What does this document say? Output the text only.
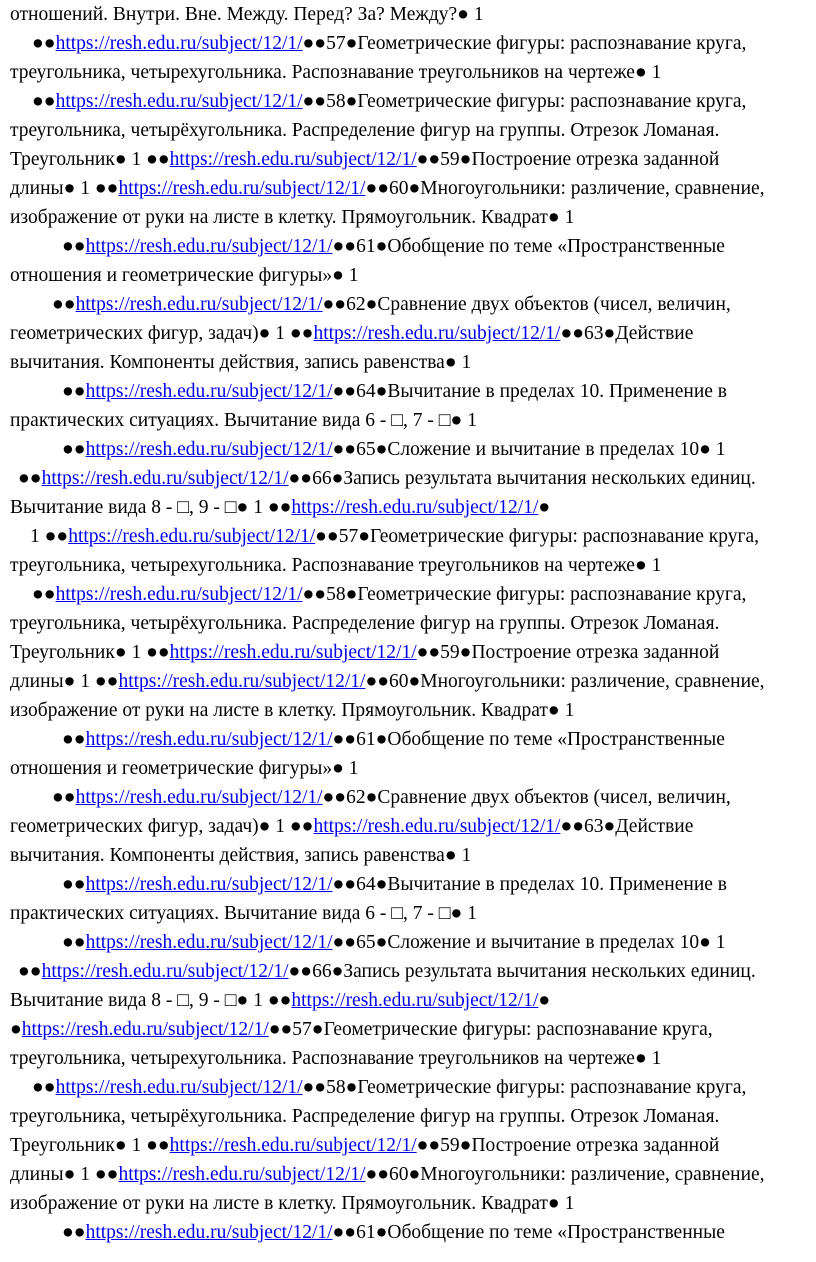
отношений. Внутри. Вне. Между. Перед? За? Между?● 1
●●https://resh.edu.ru/subject/12/1/●●57●Геометрические фигуры: распознавание круга,
треугольника, четырехугольника. Распознавание треугольников на чертеже● 1
●●https://resh.edu.ru/subject/12/1/●●58●Геометрические фигуры: распознавание круга,
треугольника, четырёхугольника. Распределение фигур на группы. Отрезок Ломаная.
Треугольник● 1 ●●https://resh.edu.ru/subject/12/1/●●59●Построение отрезка заданной
длины● 1 ●●https://resh.edu.ru/subject/12/1/●●60●Многоугольники: различение, сравнение,
изображение от руки на листе в клетку. Прямоугольник. Квадрат● 1
●●https://resh.edu.ru/subject/12/1/●●61●Обобщение по теме «Пространственные
отношения и геометрические фигуры»● 1
●●https://resh.edu.ru/subject/12/1/●●62●Сравнение двух объектов (чисел, величин,
геометрических фигур, задач)● 1 ●●https://resh.edu.ru/subject/12/1/●●63●Действие
вычитания. Компоненты действия, запись равенства● 1
●●https://resh.edu.ru/subject/12/1/●●64●Вычитание в пределах 10. Применение в
практических ситуациях. Вычитание вида 6 - □, 7 - □● 1
●●https://resh.edu.ru/subject/12/1/●●65●Сложение и вычитание в пределах 10● 1
●●https://resh.edu.ru/subject/12/1/●●66●Запись результата вычитания нескольких единиц.
Вычитание вида 8 - □, 9 - □● 1 ●●https://resh.edu.ru/subject/12/1/●
1 ●●https://resh.edu.ru/subject/12/1/●●57●Геометрические фигуры: распознавание круга,
треугольника, четырехугольника. Распознавание треугольников на чертеже● 1
●●https://resh.edu.ru/subject/12/1/●●58●Геометрические фигуры: распознавание круга,
треугольника, четырёхугольника. Распределение фигур на группы. Отрезок Ломаная.
Треугольник● 1 ●●https://resh.edu.ru/subject/12/1/●●59●Построение отрезка заданной
длины● 1 ●●https://resh.edu.ru/subject/12/1/●●60●Многоугольники: различение, сравнение,
изображение от руки на листе в клетку. Прямоугольник. Квадрат● 1
●●https://resh.edu.ru/subject/12/1/●●61●Обобщение по теме «Пространственные
отношения и геометрические фигуры»● 1
●●https://resh.edu.ru/subject/12/1/●●62●Сравнение двух объектов (чисел, величин,
геометрических фигур, задач)● 1 ●●https://resh.edu.ru/subject/12/1/●●63●Действие
вычитания. Компоненты действия, запись равенства● 1
●●https://resh.edu.ru/subject/12/1/●●64●Вычитание в пределах 10. Применение в
практических ситуациях. Вычитание вида 6 - □, 7 - □● 1
●●https://resh.edu.ru/subject/12/1/●●65●Сложение и вычитание в пределах 10● 1
●●https://resh.edu.ru/subject/12/1/●●66●Запись результата вычитания нескольких единиц.
Вычитание вида 8 - □, 9 - □● 1 ●●https://resh.edu.ru/subject/12/1/●
●https://resh.edu.ru/subject/12/1/●●57●Геометрические фигуры: распознавание круга,
треугольника, четырехугольника. Распознавание треугольников на чертеже● 1
●●https://resh.edu.ru/subject/12/1/●●58●Геометрические фигуры: распознавание круга,
треугольника, четырёхугольника. Распределение фигур на группы. Отрезок Ломаная.
Треугольник● 1 ●●https://resh.edu.ru/subject/12/1/●●59●Построение отрезка заданной
длины● 1 ●●https://resh.edu.ru/subject/12/1/●●60●Многоугольники: различение, сравнение,
изображение от руки на листе в клетку. Прямоугольник. Квадрат● 1
●●https://resh.edu.ru/subject/12/1/●●61●Обобщение по теме «Пространственные
